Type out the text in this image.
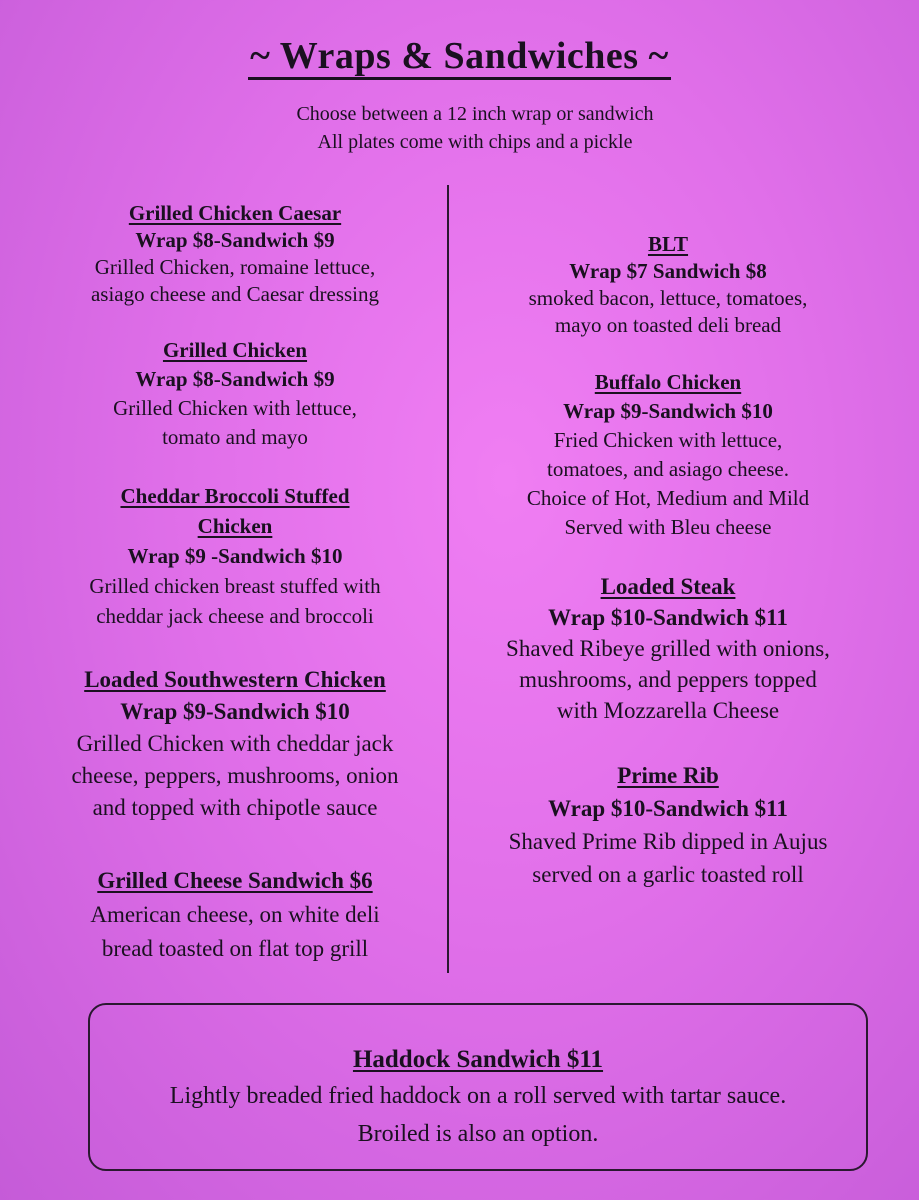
~ Wraps & Sandwiches ~
Choose between a 12 inch wrap or sandwich
All plates come with chips and a pickle
Grilled Chicken Caesar
Wrap $8-Sandwich $9
Grilled Chicken, romaine lettuce,
asiago cheese and Caesar dressing
Grilled Chicken
Wrap $8-Sandwich $9
Grilled Chicken with lettuce,
tomato and mayo
Cheddar Broccoli Stuffed
Chicken
Wrap $9 -Sandwich $10
Grilled chicken breast stuffed with
cheddar jack cheese and broccoli
Loaded Southwestern Chicken
Wrap $9-Sandwich $10
Grilled Chicken with cheddar jack
cheese, peppers, mushrooms, onion
and topped with chipotle sauce
Grilled Cheese Sandwich $6
American cheese, on white deli
bread toasted on flat top grill
BLT
Wrap $7 Sandwich $8
smoked bacon, lettuce, tomatoes,
mayo on toasted deli bread
Buffalo Chicken
Wrap $9-Sandwich $10
Fried Chicken with lettuce,
tomatoes, and asiago cheese.
Choice of Hot, Medium and Mild
Served with Bleu cheese
Loaded Steak
Wrap $10-Sandwich $11
Shaved Ribeye grilled with onions,
mushrooms, and peppers topped
with Mozzarella Cheese
Prime Rib
Wrap $10-Sandwich $11
Shaved Prime Rib dipped in Aujus
served on a garlic toasted roll
Haddock Sandwich $11
Lightly breaded fried haddock on a roll served with tartar sauce.
Broiled is also an option.
